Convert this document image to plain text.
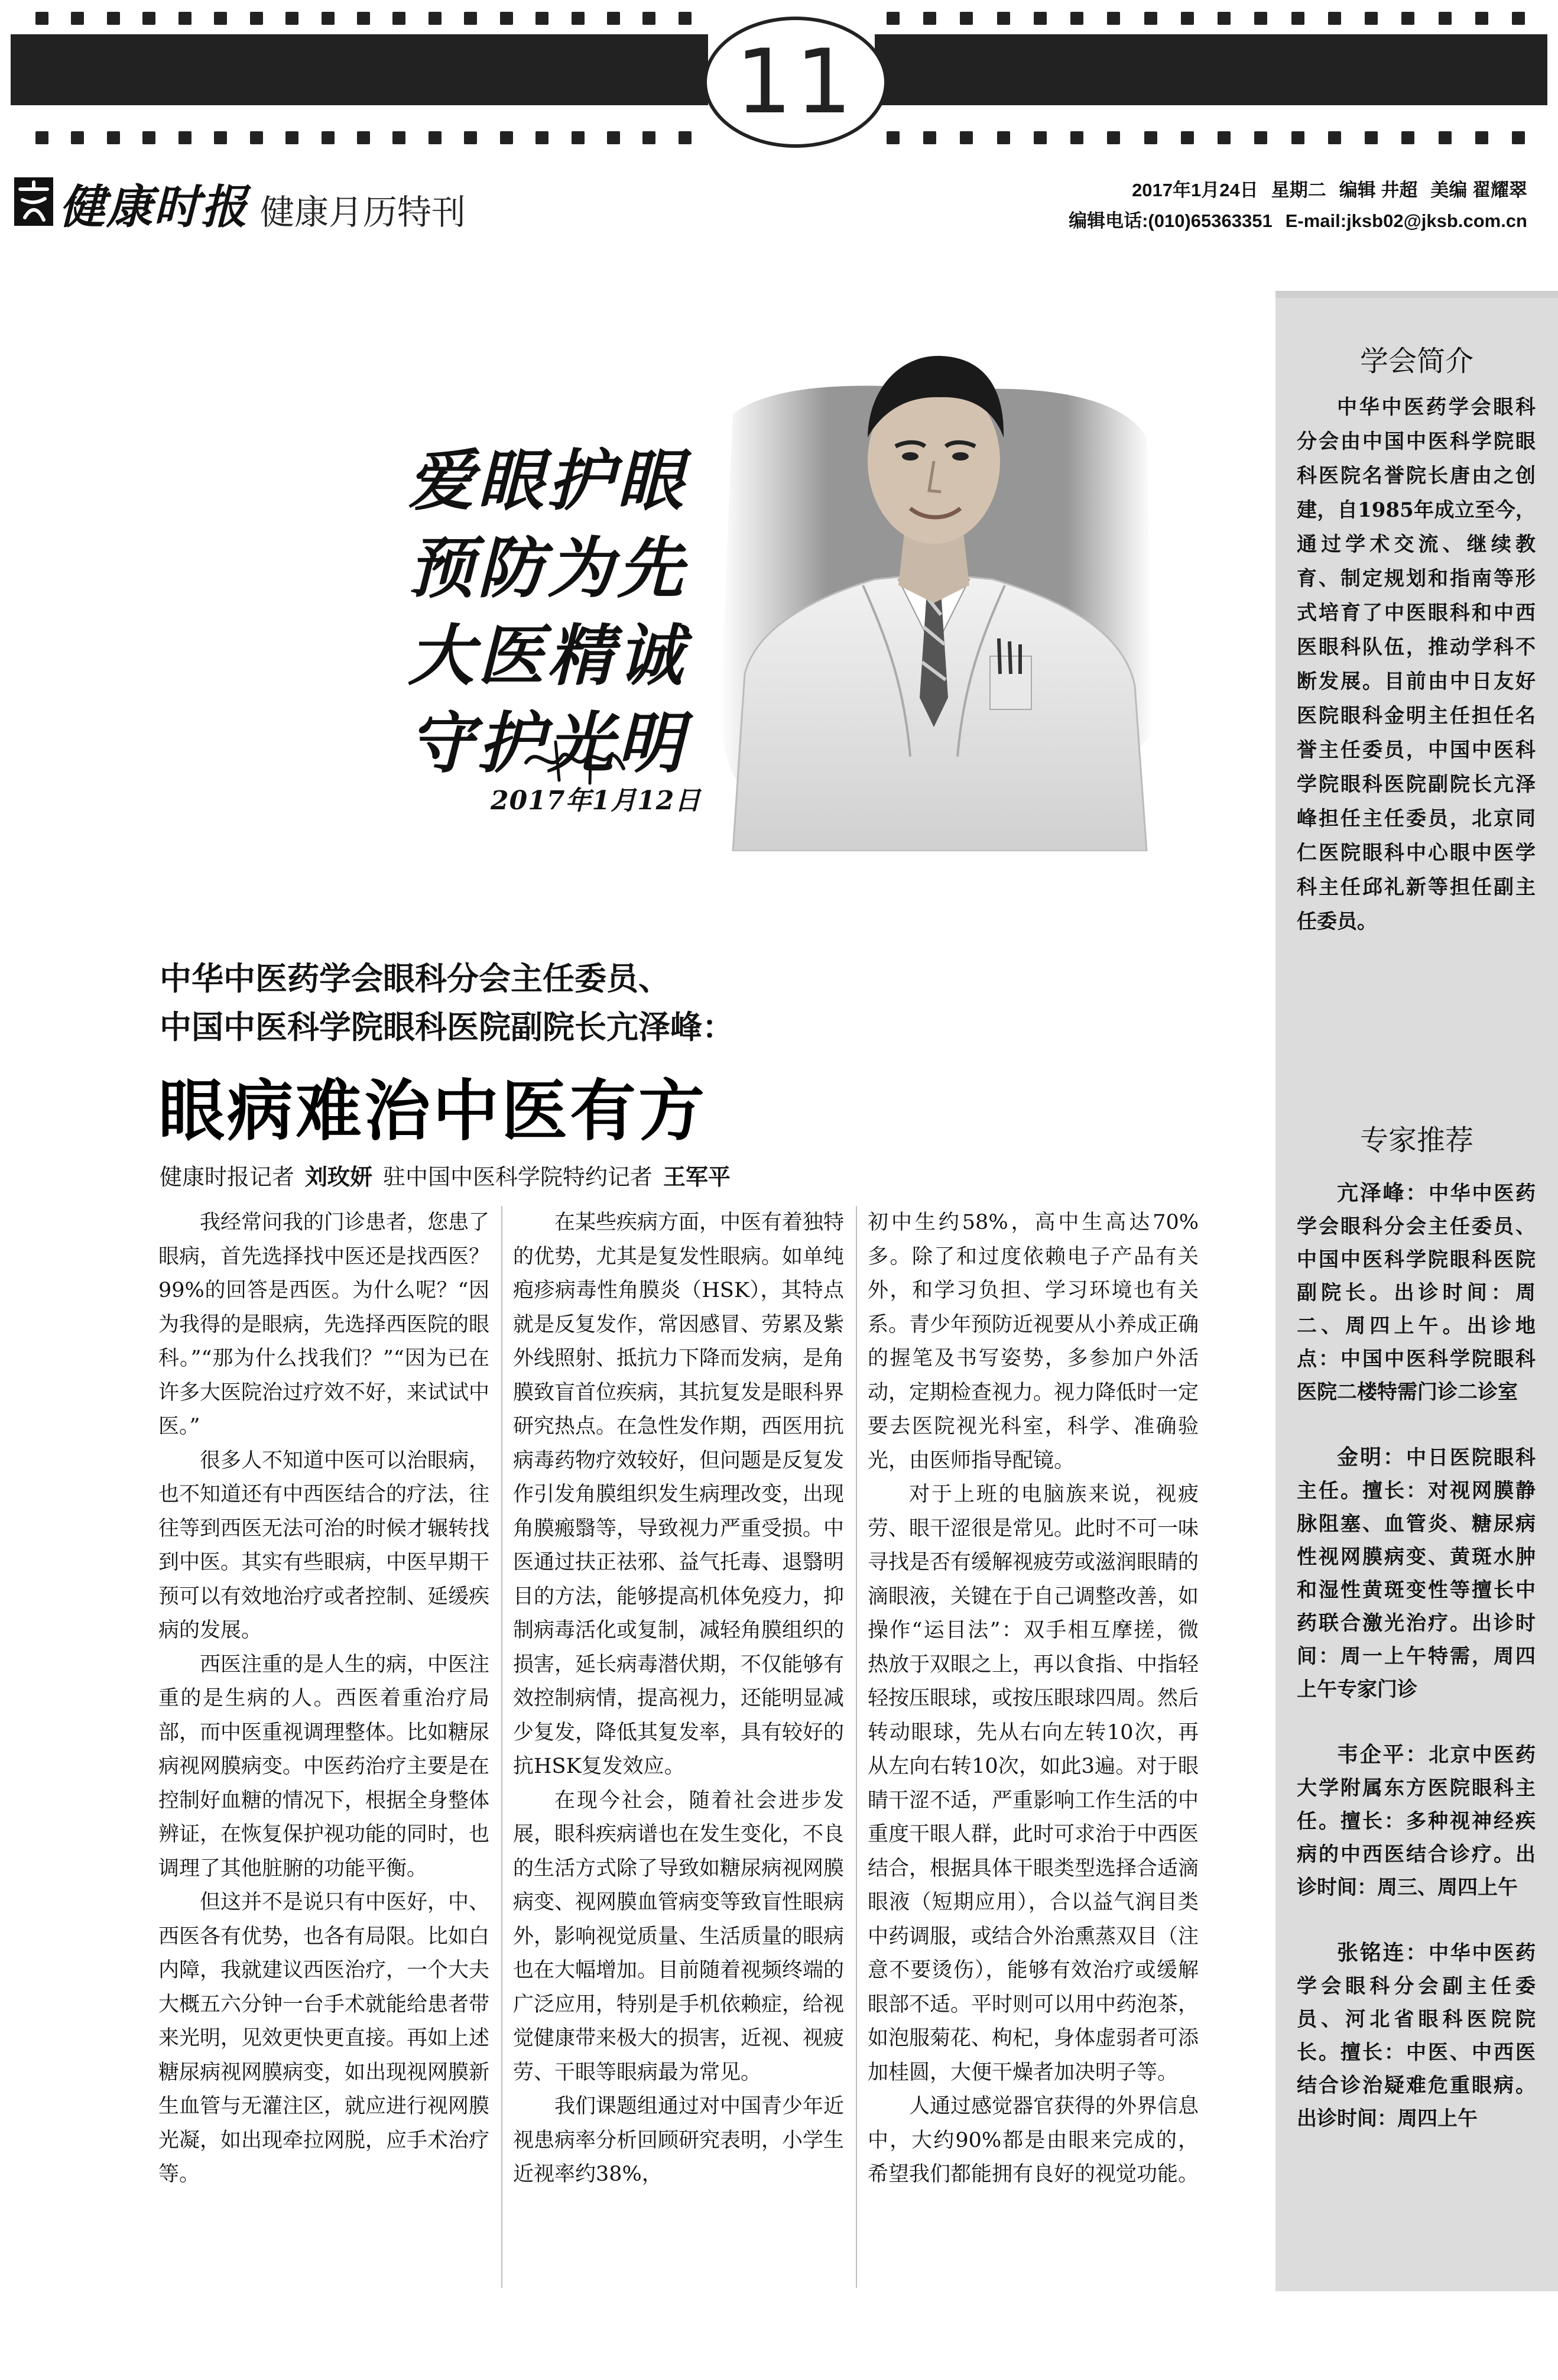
11
健康时报 健康月历特刊
2017年1月24日 星期二 编辑 井超 美编 翟耀翠
编辑电话:(010)65363351 E-mail:jksb02@jksb.com.cn
爱眼护眼
预防为先
大医精诚
守护光明
2017年1月12日
学会简介
中华中医药学会眼科分会由中国中医科学院眼科医院名誉院长唐由之创建，自1985年成立至今，通过学术交流、继续教育、制定规划和指南等形式培育了中医眼科和中西医眼科队伍，推动学科不断发展。目前由中日友好医院眼科金明主任担任名誉主任委员，中国中医科学院眼科医院副院长亢泽峰担任主任委员，北京同仁医院眼科中心眼中医学科主任邱礼新等担任副主任委员。
专家推荐
亢泽峰：中华中医药学会眼科分会主任委员、中国中医科学院眼科医院副院长。出诊时间：周二、周四上午。出诊地点：中国中医科学院眼科医院二楼特需门诊二诊室
金明：中日医院眼科主任。擅长：对视网膜静脉阻塞、血管炎、糖尿病性视网膜病变、黄斑水肿和湿性黄斑变性等擅长中药联合激光治疗。出诊时间：周一上午特需，周四上午专家门诊
韦企平：北京中医药大学附属东方医院眼科主任。擅长：多种视神经疾病的中西医结合诊疗。出诊时间：周三、周四上午
张铭连：中华中医药学会眼科分会副主任委员、河北省眼科医院院长。擅长：中医、中西医结合诊治疑难危重眼病。出诊时间：周四上午
中华中医药学会眼科分会主任委员、
中国中医科学院眼科医院副院长亢泽峰：
眼病难治中医有方
健康时报记者 刘玫妍 驻中国中医科学院特约记者 王军平

我经常问我的门诊患者，您患了眼病，首先选择找中医还是找西医？99%的回答是西医。为什么呢？“因为我得的是眼病，先选择西医院的眼科。”“那为什么找我们？”“因为已在许多大医院治过疗效不好，来试试中医。”

很多人不知道中医可以治眼病，也不知道还有中西医结合的疗法，往往等到西医无法可治的时候才辗转找到中医。其实有些眼病，中医早期干预可以有效地治疗或者控制、延缓疾病的发展。

西医注重的是人生的病，中医注重的是生病的人。西医着重治疗局部，而中医重视调理整体。比如糖尿病视网膜病变。中医药治疗主要是在控制好血糖的情况下，根据全身整体辨证，在恢复保护视功能的同时，也调理了其他脏腑的功能平衡。

但这并不是说只有中医好，中、西医各有优势，也各有局限。比如白内障，我就建议西医治疗，一个大夫大概五六分钟一台手术就能给患者带来光明，见效更快更直接。再如上述糖尿病视网膜病变，如出现视网膜新生血管与无灌注区，就应进行视网膜光凝，如出现牵拉网脱，应手术治疗等。

在某些疾病方面，中医有着独特的优势，尤其是复发性眼病。如单纯疱疹病毒性角膜炎（HSK），其特点就是反复发作，常因感冒、劳累及紫外线照射、抵抗力下降而发病，是角膜致盲首位疾病，其抗复发是眼科界研究热点。在急性发作期，西医用抗病毒药物疗效较好，但问题是反复发作引发角膜组织发生病理改变，出现角膜瘢翳等，导致视力严重受损。中医通过扶正祛邪、益气托毒、退翳明目的方法，能够提高机体免疫力，抑制病毒活化或复制，减轻角膜组织的损害，延长病毒潜伏期，不仅能够有效控制病情，提高视力，还能明显减少复发，降低其复发率，具有较好的抗HSK复发效应。

在现今社会，随着社会进步发展，眼科疾病谱也在发生变化，不良的生活方式除了导致如糖尿病视网膜病变、视网膜血管病变等致盲性眼病外，影响视觉质量、生活质量的眼病也在大幅增加。目前随着视频终端的广泛应用，特别是手机依赖症，给视觉健康带来极大的损害，近视、视疲劳、干眼等眼病最为常见。

我们课题组通过对中国青少年近视患病率分析回顾研究表明，小学生近视率约38%，

初中生约58%，高中生高达70%多。除了和过度依赖电子产品有关外，和学习负担、学习环境也有关系。青少年预防近视要从小养成正确的握笔及书写姿势，多参加户外活动，定期检查视力。视力降低时一定要去医院视光科室，科学、准确验光，由医师指导配镜。

对于上班的电脑族来说，视疲劳、眼干涩很是常见。此时不可一味寻找是否有缓解视疲劳或滋润眼睛的滴眼液，关键在于自己调整改善，如操作“运目法”：双手相互摩搓，微热放于双眼之上，再以食指、中指轻轻按压眼球，或按压眼球四周。然后转动眼球，先从右向左转10次，再从左向右转10次，如此3遍。对于眼睛干涩不适，严重影响工作生活的中重度干眼人群，此时可求治于中西医结合，根据具体干眼类型选择合适滴眼液（短期应用），合以益气润目类中药调服，或结合外治熏蒸双目（注意不要烫伤），能够有效治疗或缓解眼部不适。平时则可以用中药泡茶，如泡服菊花、枸杞，身体虚弱者可添加桂圆，大便干燥者加决明子等。

人通过感觉器官获得的外界信息中，大约90%都是由眼来完成的，希望我们都能拥有良好的视觉功能。
